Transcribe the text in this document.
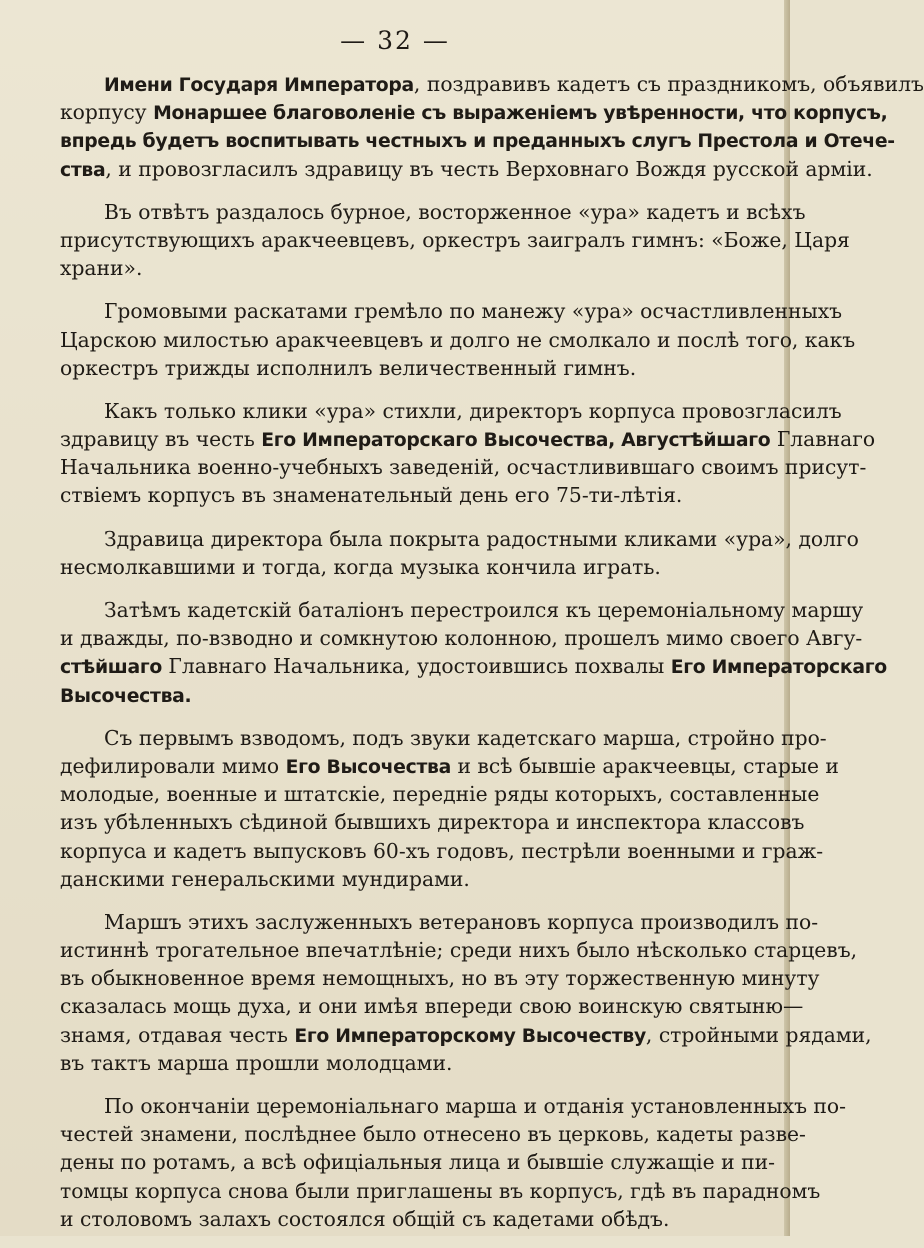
— 32 —
Имени Государя Императора, поздравивъ кадетъ съ праздникомъ, объявилъ
корпусу Монаршее благоволеніе съ выраженіемъ увѣренности, что корпусъ,
впредь будетъ воспитывать честныхъ и преданныхъ слугъ Престола и Отече-
ства, и провозгласилъ здравицу въ честь Верховнаго Вождя русской арміи.
Въ отвѣтъ раздалось бурное, восторженное «ура» кадетъ и всѣхъ
присутствующихъ аракчеевцевъ, оркестръ заигралъ гимнъ: «Боже, Царя
храни».
Громовыми раскатами гремѣло по манежу «ура» осчастливленныхъ
Царскою милостью аракчеевцевъ и долго не смолкало и послѣ того, какъ
оркестръ трижды исполнилъ величественный гимнъ.
Какъ только клики «ура» стихли, директоръ корпуса провозгласилъ
здравицу въ честь Его Императорскаго Высочества, Августѣйшаго Главнаго
Начальника военно-учебныхъ заведеній, осчастливившаго своимъ присут-
ствіемъ корпусъ въ знаменательный день его 75-ти-лѣтія.
Здравица директора была покрыта радостными кликами «ура», долго
несмолкавшими и тогда, когда музыка кончила играть.
Затѣмъ кадетскій баталіонъ перестроился къ церемоніальному маршу
и дважды, по-взводно и сомкнутою колонною, прошелъ мимо своего Авгу-
стѣйшаго Главнаго Начальника, удостоившись похвалы Его Императорскаго
Высочества.
Съ первымъ взводомъ, подъ звуки кадетскаго марша, стройно про-
дефилировали мимо Его Высочества и всѣ бывшіе аракчеевцы, старые и
молодые, военные и штатскіе, передніе ряды которыхъ, составленные
изъ убѣленныхъ сѣдиной бывшихъ директора и инспектора классовъ
корпуса и кадетъ выпусковъ 60-хъ годовъ, пестрѣли военными и граж-
данскими генеральскими мундирами.
Маршъ этихъ заслуженныхъ ветерановъ корпуса производилъ по-
истиннѣ трогательное впечатлѣніе; среди нихъ было нѣсколько старцевъ,
въ обыкновенное время немощныхъ, но въ эту торжественную минуту
сказалась мощь духа, и они имѣя впереди свою воинскую святыню—
знамя, отдавая честь Его Императорскому Высочеству, стройными рядами,
въ тактъ марша прошли молодцами.
По окончаніи церемоніальнаго марша и отданія установленныхъ по-
честей знамени, послѣднее было отнесено въ церковь, кадеты разве-
дены по ротамъ, а всѣ офиціальныя лица и бывшіе служащіе и пи-
томцы корпуса снова были приглашены въ корпусъ, гдѣ въ парадномъ
и столовомъ залахъ состоялся общій съ кадетами обѣдъ.
